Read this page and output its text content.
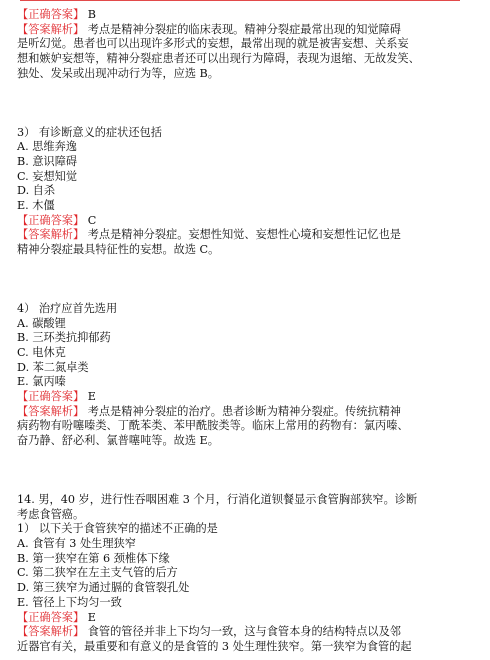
【正确答案】 B
【答案解析】 考点是精神分裂症的临床表现。精神分裂症最常出现的知觉障碍
是听幻觉。患者也可以出现许多形式的妄想，最常出现的就是被害妄想、关系妄
想和嫉妒妄想等，精神分裂症患者还可以出现行为障碍，表现为退缩、无故发笑、
独处、发呆或出现冲动行为等，应选 B。
3） 有诊断意义的症状还包括
A. 思维奔逸
B. 意识障碍
C. 妄想知觉
D. 自杀
E. 木僵
【正确答案】 C
【答案解析】 考点是精神分裂症。妄想性知觉、妄想性心境和妄想性记忆也是
精神分裂症最具特征性的妄想。故选 C。
4） 治疗应首先选用
A. 碳酸锂
B. 三环类抗抑郁药
C. 电休克
D. 苯二氮卓类
E. 氯丙嗪
【正确答案】 E
【答案解析】 考点是精神分裂症的治疗。患者诊断为精神分裂症。传统抗精神
病药物有吩噻嗪类、丁酰苯类、苯甲酰胺类等。临床上常用的药物有：氯丙嗪、
奋乃静、舒必利、氯普噻吨等。故选 E。
14. 男，40 岁，进行性吞咽困难 3 个月，行消化道钡餐显示食管胸部狭窄。诊断
考虑食管癌。
1） 以下关于食管狭窄的描述不正确的是
A. 食管有 3 处生理狭窄
B. 第一狭窄在第 6 颈椎体下缘
C. 第二狭窄在左主支气管的后方
D. 第三狭窄为通过膈的食管裂孔处
E. 管径上下均匀一致
【正确答案】 E
【答案解析】 食管的管径并非上下均匀一致，这与食管本身的结构特点以及邻
近器官有关，最重要和有意义的是食管的 3 处生理性狭窄。第一狭窄为食管的起
